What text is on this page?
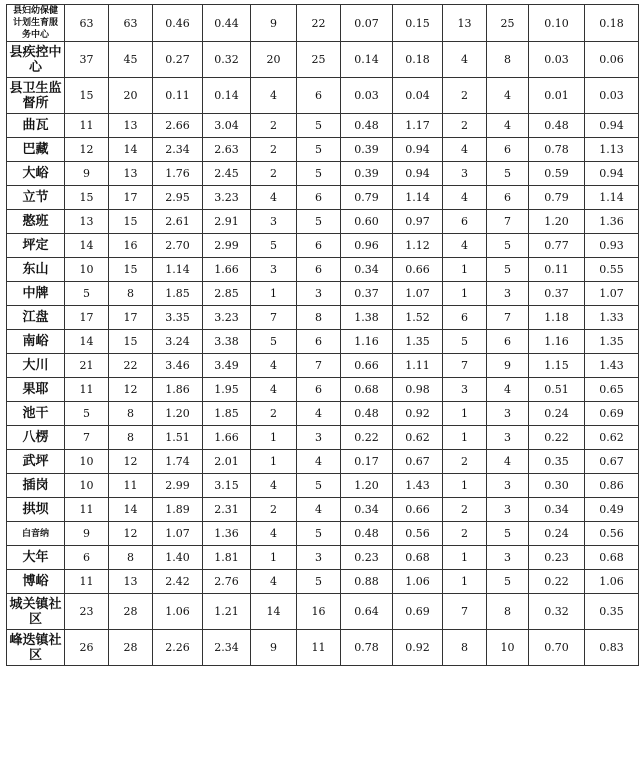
县妇幼保健计划生育服务中心	63	63	0.46	0.44	9	22	0.07	0.15	13	25	0.10	0.18
县疾控中心	37	45	0.27	0.32	20	25	0.14	0.18	4	8	0.03	0.06
县卫生监督所	15	20	0.11	0.14	4	6	0.03	0.04	2	4	0.01	0.03
曲瓦	11	13	2.66	3.04	2	5	0.48	1.17	2	4	0.48	0.94
巴藏	12	14	2.34	2.63	2	5	0.39	0.94	4	6	0.78	1.13
大峪	9	13	1.76	2.45	2	5	0.39	0.94	3	5	0.59	0.94
立节	15	17	2.95	3.23	4	6	0.79	1.14	4	6	0.79	1.14
憨班	13	15	2.61	2.91	3	5	0.60	0.97	6	7	1.20	1.36
坪定	14	16	2.70	2.99	5	6	0.96	1.12	4	5	0.77	0.93
东山	10	15	1.14	1.66	3	6	0.34	0.66	1	5	0.11	0.55
中牌	5	8	1.85	2.85	1	3	0.37	1.07	1	3	0.37	1.07
江盘	17	17	3.35	3.23	7	8	1.38	1.52	6	7	1.18	1.33
南峪	14	15	3.24	3.38	5	6	1.16	1.35	5	6	1.16	1.35
大川	21	22	3.46	3.49	4	7	0.66	1.11	7	9	1.15	1.43
果耶	11	12	1.86	1.95	4	6	0.68	0.98	3	4	0.51	0.65
池干	5	8	1.20	1.85	2	4	0.48	0.92	1	3	0.24	0.69
八楞	7	8	1.51	1.66	1	3	0.22	0.62	1	3	0.22	0.62
武坪	10	12	1.74	2.01	1	4	0.17	0.67	2	4	0.35	0.67
插岗	10	11	2.99	3.15	4	5	1.20	1.43	1	3	0.30	0.86
拱坝	11	14	1.89	2.31	2	4	0.34	0.66	2	3	0.34	0.49
白音纳	9	12	1.07	1.36	4	5	0.48	0.56	2	5	0.24	0.56
大年	6	8	1.40	1.81	1	3	0.23	0.68	1	3	0.23	0.68
博峪	11	13	2.42	2.76	4	5	0.88	1.06	1	5	0.22	1.06
城关镇社区	23	28	1.06	1.21	14	16	0.64	0.69	7	8	0.32	0.35
峰迭镇社区	26	28	2.26	2.34	9	11	0.78	0.92	8	10	0.70	0.83
